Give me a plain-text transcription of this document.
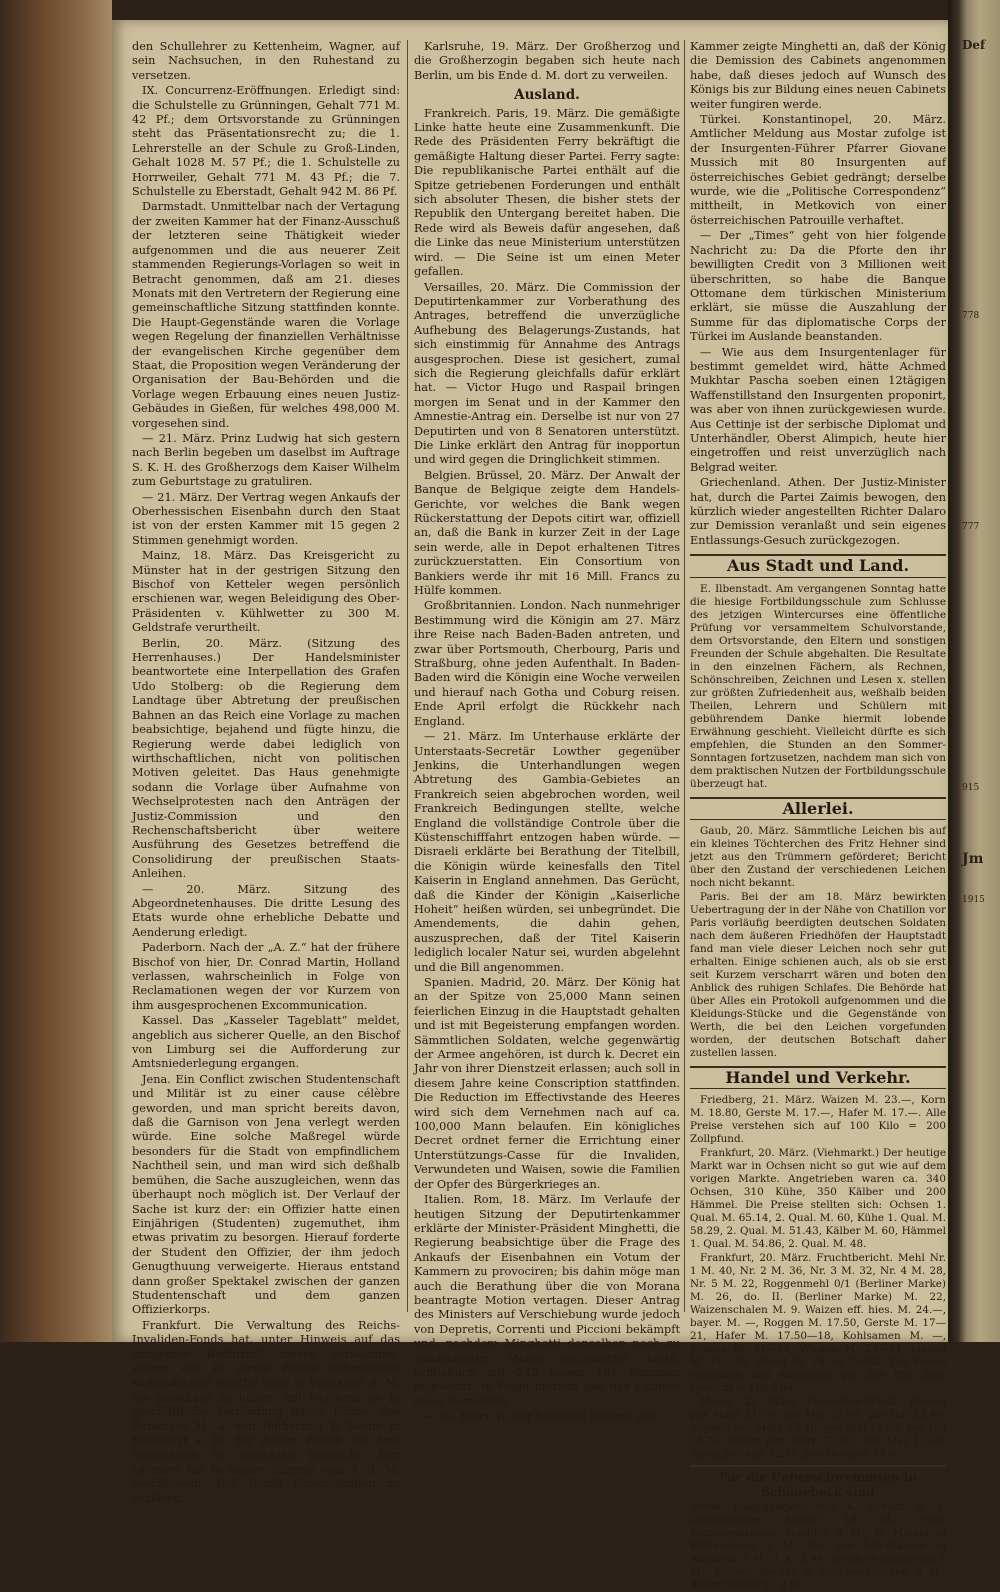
den Schullehrer zu Kettenheim, Wagner, auf sein Nachsuchen, in den Ruhestand zu versetzen.

IX. Concurrenz-Eröffnungen. Erledigt sind: die Schulstelle zu Grünningen, Gehalt 771 M. 42 Pf.; dem Ortsvorstande zu Grünningen steht das Präsentationsrecht zu; die 1. Lehrerstelle an der Schule zu Groß-Linden, Gehalt 1028 M. 57 Pf.; die 1. Schulstelle zu Horrweiler, Gehalt 771 M. 43 Pf.; die 7. Schulstelle zu Eberstadt, Gehalt 942 M. 86 Pf.

Darmstadt. Unmittelbar nach der Vertagung der zweiten Kammer hat der Finanz-Ausschuß der letzteren seine Thätigkeit wieder aufgenommen und die aus neuerer Zeit stammenden Regierungs-Vorlagen so weit in Betracht genommen, daß am 21. dieses Monats mit den Vertretern der Regierung eine gemeinschaftliche Sitzung stattfinden konnte. Die Haupt-Gegenstände waren die Vorlage wegen Regelung der finanziellen Verhältnisse der evangelischen Kirche gegenüber dem Staat, die Proposition wegen Veränderung der Organisation der Bau-Behörden und die Vorlage wegen Erbauung eines neuen Justiz-Gebäudes in Gießen, für welches 498,000 M. vorgesehen sind.

— 21. März. Prinz Ludwig hat sich gestern nach Berlin begeben um daselbst im Auftrage S. K. H. des Großherzogs dem Kaiser Wilhelm zum Geburtstage zu gratuliren.

— 21. März. Der Vertrag wegen Ankaufs der Oberhessischen Eisenbahn durch den Staat ist von der ersten Kammer mit 15 gegen 2 Stimmen genehmigt worden.

Mainz, 18. März. Das Kreisgericht zu Münster hat in der gestrigen Sitzung den Bischof von Ketteler wegen persönlich erschienen war, wegen Beleidigung des Ober-Präsidenten v. Kühlwetter zu 300 M. Geldstrafe verurtheilt.

Berlin, 20. März. (Sitzung des Herrenhauses.) Der Handelsminister beantwortete eine Interpellation des Grafen Udo Stolberg: ob die Regierung dem Landtage über Abtretung der preußischen Bahnen an das Reich eine Vorlage zu machen beabsichtige, bejahend und fügte hinzu, die Regierung werde dabei lediglich von wirthschaftlichen, nicht von politischen Motiven geleitet. Das Haus genehmigte sodann die Vorlage über Aufnahme von Wechselprotesten nach den Anträgen der Justiz-Commission und den Rechenschaftsbericht über weitere Ausführung des Gesetzes betreffend die Consolidirung der preußischen Staats-Anleihen.

— 20. März. Sitzung des Abgeordnetenhauses. Die dritte Lesung des Etats wurde ohne erhebliche Debatte und Aenderung erledigt.

Paderborn. Nach der „A. Z.“ hat der frühere Bischof von hier, Dr. Conrad Martin, Holland verlassen, wahrscheinlich in Folge von Reclamationen wegen der vor Kurzem von ihm ausgesprochenen Excommunication.

Kassel. Das „Kasseler Tageblatt“ meldet, angeblich aus sicherer Quelle, an den Bischof von Limburg sei die Aufforderung zur Amtsniederlegung ergangen.

Jena. Ein Conflict zwischen Studentenschaft und Militär ist zu einer cause célèbre geworden, und man spricht bereits davon, daß die Garnison von Jena verlegt werden würde. Eine solche Maßregel würde besonders für die Stadt von empfindlichem Nachtheil sein, und man wird sich deßhalb bemühen, die Sache auszugleichen, wenn das überhaupt noch möglich ist. Der Verlauf der Sache ist kurz der: ein Offizier hatte einen Einjährigen (Studenten) zugemuthet, ihm etwas privatim zu besorgen. Hierauf forderte der Student den Offizier, der ihm jedoch Genugthuung verweigerte. Hieraus entstand dann großer Spektakel zwischen der ganzen Studentenschaft und dem ganzen Offizierkorps.

Frankfurt. Die Verwaltung des Reichs-Invaliden-Fonds hat, unter Hinweis auf das dringende Bedürfniß dieser Verwaltung, wegen der in ihrem Besitz befindlichen süddeutschen Werthe auch in Frankfurt a. M. ein Bankhaus zu haben, mit welchem sie in geschäftliche Verbindung treten könne, das Bankhaus M. A. von Rothschild & Söhne in Frankfurt a. M. für diesen Zweck bei dem Bundesrath in Vorschlag gebracht. Der Letztere hat in seiner Sitzung vom 9. d. M. beschlossen, sich damit einverstanden zu erklären.

Karlsruhe, 19. März. Der Großherzog und die Großherzogin begaben sich heute nach Berlin, um bis Ende d. M. dort zu verweilen.

Ausland.

Frankreich. Paris, 19. März. Die gemäßigte Linke hatte heute eine Zusammenkunft. Die Rede des Präsidenten Ferry bekräftigt die gemäßigte Haltung dieser Partei. Ferry sagte: Die republikanische Partei enthält auf die Spitze getriebenen Forderungen und enthält sich absoluter Thesen, die bisher stets der Republik den Untergang bereitet haben. Die Rede wird als Beweis dafür angesehen, daß die Linke das neue Ministerium unterstützen wird. — Die Seine ist um einen Meter gefallen.

Versailles, 20. März. Die Commission der Deputirtenkammer zur Vorberathung des Antrages, betreffend die unverzügliche Aufhebung des Belagerungs-Zustands, hat sich einstimmig für Annahme des Antrags ausgesprochen. Diese ist gesichert, zumal sich die Regierung gleichfalls dafür erklärt hat. — Victor Hugo und Raspail bringen morgen im Senat und in der Kammer den Amnestie-Antrag ein. Derselbe ist nur von 27 Deputirten und von 8 Senatoren unterstützt. Die Linke erklärt den Antrag für inopportun und wird gegen die Dringlichkeit stimmen.

Belgien. Brüssel, 20. März. Der Anwalt der Banque de Belgique zeigte dem Handels-Gerichte, vor welches die Bank wegen Rückerstattung der Depots citirt war, offiziell an, daß die Bank in kurzer Zeit in der Lage sein werde, alle in Depot erhaltenen Titres zurückzuerstatten. Ein Consortium von Bankiers werde ihr mit 16 Mill. Francs zu Hülfe kommen.

Großbritannien. London. Nach nunmehriger Bestimmung wird die Königin am 27. März ihre Reise nach Baden-Baden antreten, und zwar über Portsmouth, Cherbourg, Paris und Straßburg, ohne jeden Aufenthalt. In Baden-Baden wird die Königin eine Woche verweilen und hierauf nach Gotha und Coburg reisen. Ende April erfolgt die Rückkehr nach England.

— 21. März. Im Unterhause erklärte der Unterstaats-Secretär Lowther gegenüber Jenkins, die Unterhandlungen wegen Abtretung des Gambia-Gebietes an Frankreich seien abgebrochen worden, weil Frankreich Bedingungen stellte, welche England die vollständige Controle über die Küstenschifffahrt entzogen haben würde. — Disraeli erklärte bei Berathung der Titelbill, die Königin würde keinesfalls den Titel Kaiserin in England annehmen. Das Gerücht, daß die Kinder der Königin „Kaiserliche Hoheit“ heißen würden, sei unbegründet. Die Amendements, die dahin gehen, auszusprechen, daß der Titel Kaiserin lediglich localer Natur sei, wurden abgelehnt und die Bill angenommen.

Spanien. Madrid, 20. März. Der König hat an der Spitze von 25,000 Mann seinen feierlichen Einzug in die Hauptstadt gehalten und ist mit Begeisterung empfangen worden. Sämmtlichen Soldaten, welche gegenwärtig der Armee angehören, ist durch k. Decret ein Jahr von ihrer Dienstzeit erlassen; auch soll in diesem Jahre keine Conscription stattfinden. Die Reduction im Effectivstande des Heeres wird sich dem Vernehmen nach auf ca. 100,000 Mann belaufen. Ein königliches Decret ordnet ferner die Errichtung einer Unterstützungs-Casse für die Invaliden, Verwundeten und Waisen, sowie die Familien der Opfer des Bürgerkrieges an.

Italien. Rom, 18. März. Im Verlaufe der heutigen Sitzung der Deputirtenkammer erklärte der Minister-Präsident Minghetti, die Regierung beabsichtige über die Frage des Ankaufs der Eisenbahnen ein Votum der Kammern zu provociren; bis dahin möge man auch die Berathung über die von Morana beantragte Motion vertagen. Dieser Antrag des Ministers auf Verschiebung wurde jedoch von Depretis, Correnti und Piccioni bekämpft und, nachdem Minghetti denselben noch zu wiederholten Malen befürwortet hatte, schließlich mit 242 gegen 181 Stimmen abgelehnt. In Folge hiervon gab das Cabinet seine Demission.

— 20. März. In der heutigen Sitzung der

Kammer zeigte Minghetti an, daß der König die Demission des Cabinets angenommen habe, daß dieses jedoch auf Wunsch des Königs bis zur Bildung eines neuen Cabinets weiter fungiren werde.

Türkei. Konstantinopel, 20. März. Amtlicher Meldung aus Mostar zufolge ist der Insurgenten-Führer Pfarrer Giovane Mussich mit 80 Insurgenten auf österreichisches Gebiet gedrängt; derselbe wurde, wie die „Politische Correspondenz“ mittheilt, in Metkovich von einer österreichischen Patrouille verhaftet.

— Der „Times“ geht von hier folgende Nachricht zu: Da die Pforte den ihr bewilligten Credit von 3 Millionen weit überschritten, so habe die Banque Ottomane dem türkischen Ministerium erklärt, sie müsse die Auszahlung der Summe für das diplomatische Corps der Türkei im Auslande beanstanden.

— Wie aus dem Insurgentenlager für bestimmt gemeldet wird, hätte Achmed Mukhtar Pascha soeben einen 12tägigen Waffenstillstand den Insurgenten proponirt, was aber von ihnen zurückgewiesen wurde. Aus Cettinje ist der serbische Diplomat und Unterhändler, Oberst Alimpich, heute hier eingetroffen und reist unverzüglich nach Belgrad weiter.

Griechenland. Athen. Der Justiz-Minister hat, durch die Partei Zaimis bewogen, den kürzlich wieder angestellten Richter Dalaro zur Demission veranlaßt und sein eigenes Entlassungs-Gesuch zurückgezogen.

Aus Stadt und Land.

E. Ilbenstadt. Am vergangenen Sonntag hatte die hiesige Fortbildungsschule zum Schlusse des jetzigen Wintercurses eine öffentliche Prüfung vor versammeltem Schulvorstande, dem Ortsvorstande, den Eltern und sonstigen Freunden der Schule abgehalten. Die Resultate in den einzelnen Fächern, als Rechnen, Schönschreiben, Zeichnen und Lesen x. stellen zur größten Zufriedenheit aus, weßhalb beiden Theilen, Lehrern und Schülern mit gebührendem Danke hiermit lobende Erwähnung geschieht. Vielleicht dürfte es sich empfehlen, die Stunden an den Sommer-Sonntagen fortzusetzen, nachdem man sich von dem praktischen Nutzen der Fortbildungsschule überzeugt hat.

Allerlei.

Gaub, 20. März. Sämmtliche Leichen bis auf ein kleines Töchterchen des Fritz Hehner sind jetzt aus den Trümmern geförderet; Bericht über den Zustand der verschiedenen Leichen noch nicht bekannt.

Paris. Bei der am 18. März bewirkten Uebertragung der in der Nähe von Chatillon vor Paris vorläufig beerdigten deutschen Soldaten nach dem äußeren Friedhöfen der Hauptstadt fand man viele dieser Leichen noch sehr gut erhalten. Einige schienen auch, als ob sie erst seit Kurzem verscharrt wären und boten den Anblick des ruhigen Schlafes. Die Behörde hat über Alles ein Protokoll aufgenommen und die Kleidungs-Stücke und die Gegenstände von Werth, die bei den Leichen vorgefunden worden, der deutschen Botschaft daher zustellen lassen.

Handel und Verkehr.

Friedberg, 21. März. Waizen M. 23.—, Korn M. 18.80, Gerste M. 17.—, Hafer M. 17.—. Alle Preise verstehen sich auf 100 Kilo = 200 Zollpfund.

Frankfurt, 20. März. (Viehmarkt.) Der heutige Markt war in Ochsen nicht so gut wie auf dem vorigen Markte. Angetrieben waren ca. 340 Ochsen, 310 Kühe, 350 Kälber und 200 Hämmel. Die Preise stellten sich: Ochsen 1. Qual. M. 65.14, 2. Qual. M. 60, Kühe 1. Qual. M. 58.29, 2. Qual. M. 51.43, Kälber M. 60, Hämmel 1. Qual. M. 54.86, 2. Qual. M. 48.

Frankfurt, 20. März. Fruchtbericht. Mehl Nr. 1 M. 40, Nr. 2 M. 36, Nr. 3 M. 32, Nr. 4 M. 28, Nr. 5 M. 22, Roggenmehl 0/1 (Berliner Marke) M. 26, do. II. (Berliner Marke) M. 22, Waizenschalen M. 9. Waizen eff. hies. M. 24.—, bayer. M. —, Roggen M. 17.50, Gerste M. 17—21, Hafer M. 17.50—18, Kohlsamen M. —, Erbsen M. 21—24, Wicken M. 23—24, Linsen M. 21—30, Rüböl M. 74 im Detail. Die Preise verstehen sich sämmtlich per 200 Pfd. Zoll-Gewicht = 100 Kilo.

Mainz, 21. März. Producten-Markt. Waizen per März 21.70, per Mai 21.90, per Juli 22.40. Roggen per März 15.40, per Mai 15.50, per Juli 15.70. Hafer per März 17.60, per Mai 17.50. Rüböl per Mai 32.70, per October 33.—.

Für die Ueberschwemmten in Schönebeck sind

ferner eingegangen: Von K. Schudt a. d. Görbelheimer Mühle 10 M., Frau Kammerdirector Schäffer 3 M., K. Michel in Wölfersheim 3 M. Aus der Schultkasse in Rauheim 3 M., J. K. 3 M., Reich in Steinfurth 5 M., Pfarrer Becker in Bruchenbrücken 3 M., Adam Söllner II. 2 M.

Def
778
777
915
Jm
1915
